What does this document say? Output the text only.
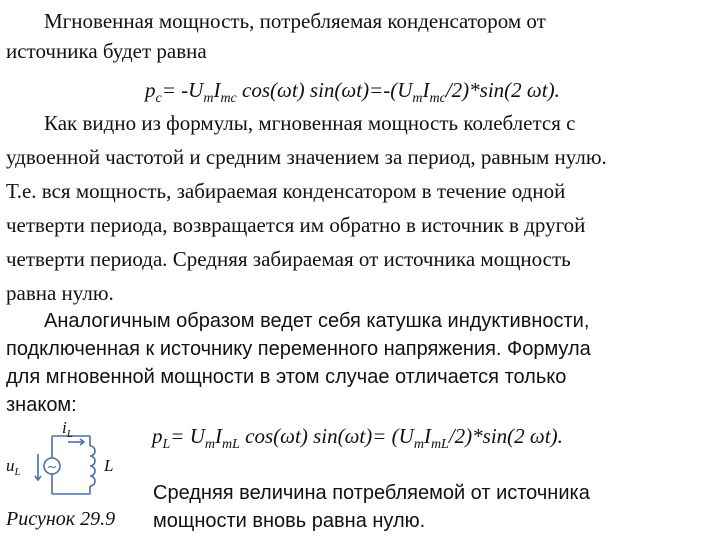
Мгновенная мощность, потребляемая конденсатором от
источника будет равна
$p_c= -U_mI_{mc}$ cos(ωt) $\sin(\omega t)=-(U_mI_{mc}/2)*\sin(2$ ωt).
Как видно из формулы, мгновенная мощность колеблется с
удвоенной частотой и средним значением за период, равным нулю.
Т.е. вся мощность, забираемая конденсатором в течение одной
четверти периода, возвращается им обратно в источник в другой
четверти периода. Средняя забираемая от источника мощность
равна нулю.
Аналогичным образом ведет себя катушка индуктивности,
подключенная к источнику переменного напряжения. Формула
для мгновенной мощности в этом случае отличается только
знаком:
$p_L= U_mI_{mL}$ cos(ωt) $\sin(\omega t)= (U_mI_{mL}/2)*\sin(2$ ωt).
Средняя величина потребляемой от источника
мощности вновь равна нулю.
~
$i_L$
$u_L$	L
Рисунок 29.9
